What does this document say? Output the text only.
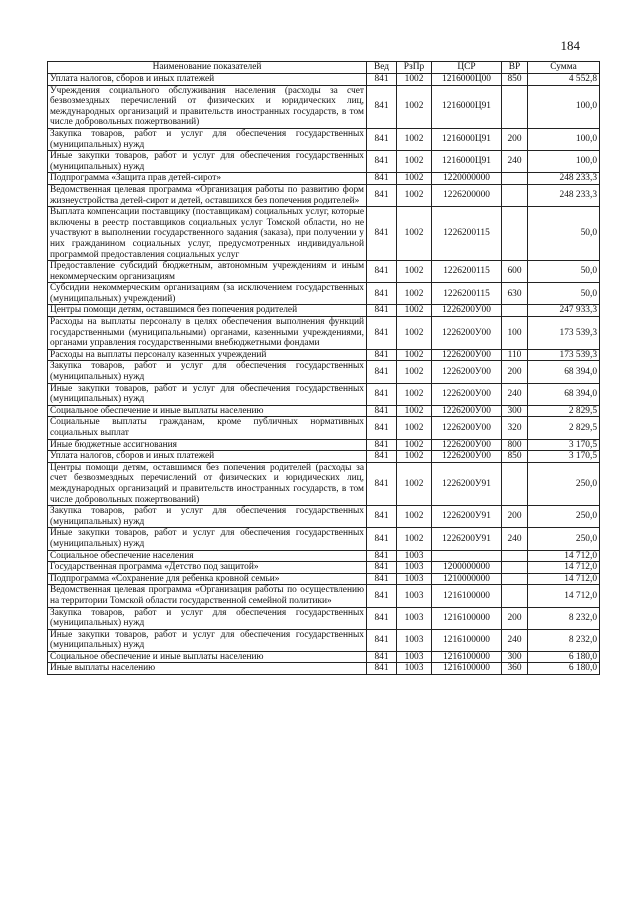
184
Наименование показателей	Вед	РзПр	ЦСР	ВР	Сумма
Уплата налогов, сборов и иных платежей	841	1002	1216000Ц00	850	4 552,8
Учреждения социального обслуживания населения (расходы за счет безвозмездных перечислений от физических и юридических лиц, международных организаций и правительств иностранных государств, в том числе добровольных пожертвований)	841	1002	1216000Ц91		100,0
Закупка товаров, работ и услуг для обеспечения государственных (муниципальных) нужд	841	1002	1216000Ц91	200	100,0
Иные закупки товаров, работ и услуг для обеспечения государственных (муниципальных) нужд	841	1002	1216000Ц91	240	100,0
Подпрограмма «Защита прав детей-сирот»	841	1002	1220000000		248 233,3
Ведомственная целевая программа «Организация работы по развитию форм жизнеустройства детей-сирот и детей, оставшихся без попечения родителей»	841	1002	1226200000		248 233,3
Выплата компенсации поставщику (поставщикам) социальных услуг, которые включены в реестр поставщиков социальных услуг Томской области, но не участвуют в выполнении государственного задания (заказа), при получении у них гражданином социальных услуг, предусмотренных индивидуальной программой предоставления социальных услуг	841	1002	1226200115		50,0
Предоставление субсидий бюджетным, автономным учреждениям и иным некоммерческим организациям	841	1002	1226200115	600	50,0
Субсидии некоммерческим организациям (за исключением государственных (муниципальных) учреждений)	841	1002	1226200115	630	50,0
Центры помощи детям, оставшимся без попечения родителей	841	1002	1226200У00		247 933,3
Расходы на выплаты персоналу в целях обеспечения выполнения функций государственными (муниципальными) органами, казенными учреждениями, органами управления государственными внебюджетными фондами	841	1002	1226200У00	100	173 539,3
Расходы на выплаты персоналу казенных учреждений	841	1002	1226200У00	110	173 539,3
Закупка товаров, работ и услуг для обеспечения государственных (муниципальных) нужд	841	1002	1226200У00	200	68 394,0
Иные закупки товаров, работ и услуг для обеспечения государственных (муниципальных) нужд	841	1002	1226200У00	240	68 394,0
Социальное обеспечение и иные выплаты населению	841	1002	1226200У00	300	2 829,5
Социальные выплаты гражданам, кроме публичных нормативных социальных выплат	841	1002	1226200У00	320	2 829,5
Иные бюджетные ассигнования	841	1002	1226200У00	800	3 170,5
Уплата налогов, сборов и иных платежей	841	1002	1226200У00	850	3 170,5
Центры помощи детям, оставшимся без попечения родителей (расходы за счет безвозмездных перечислений от физических и юридических лиц, международных организаций и правительств иностранных государств, в том числе добровольных пожертвований)	841	1002	1226200У91		250,0
Закупка товаров, работ и услуг для обеспечения государственных (муниципальных) нужд	841	1002	1226200У91	200	250,0
Иные закупки товаров, работ и услуг для обеспечения государственных (муниципальных) нужд	841	1002	1226200У91	240	250,0
Социальное обеспечение населения	841	1003			14 712,0
Государственная программа «Детство под защитой»	841	1003	1200000000		14 712,0
Подпрограмма «Сохранение для ребенка кровной семьи»	841	1003	1210000000		14 712,0
Ведомственная целевая программа «Организация работы по осуществлению на территории Томской области государственной семейной политики»	841	1003	1216100000		14 712,0
Закупка товаров, работ и услуг для обеспечения государственных (муниципальных) нужд	841	1003	1216100000	200	8 232,0
Иные закупки товаров, работ и услуг для обеспечения государственных (муниципальных) нужд	841	1003	1216100000	240	8 232,0
Социальное обеспечение и иные выплаты населению	841	1003	1216100000	300	6 180,0
Иные выплаты населению	841	1003	1216100000	360	6 180,0
